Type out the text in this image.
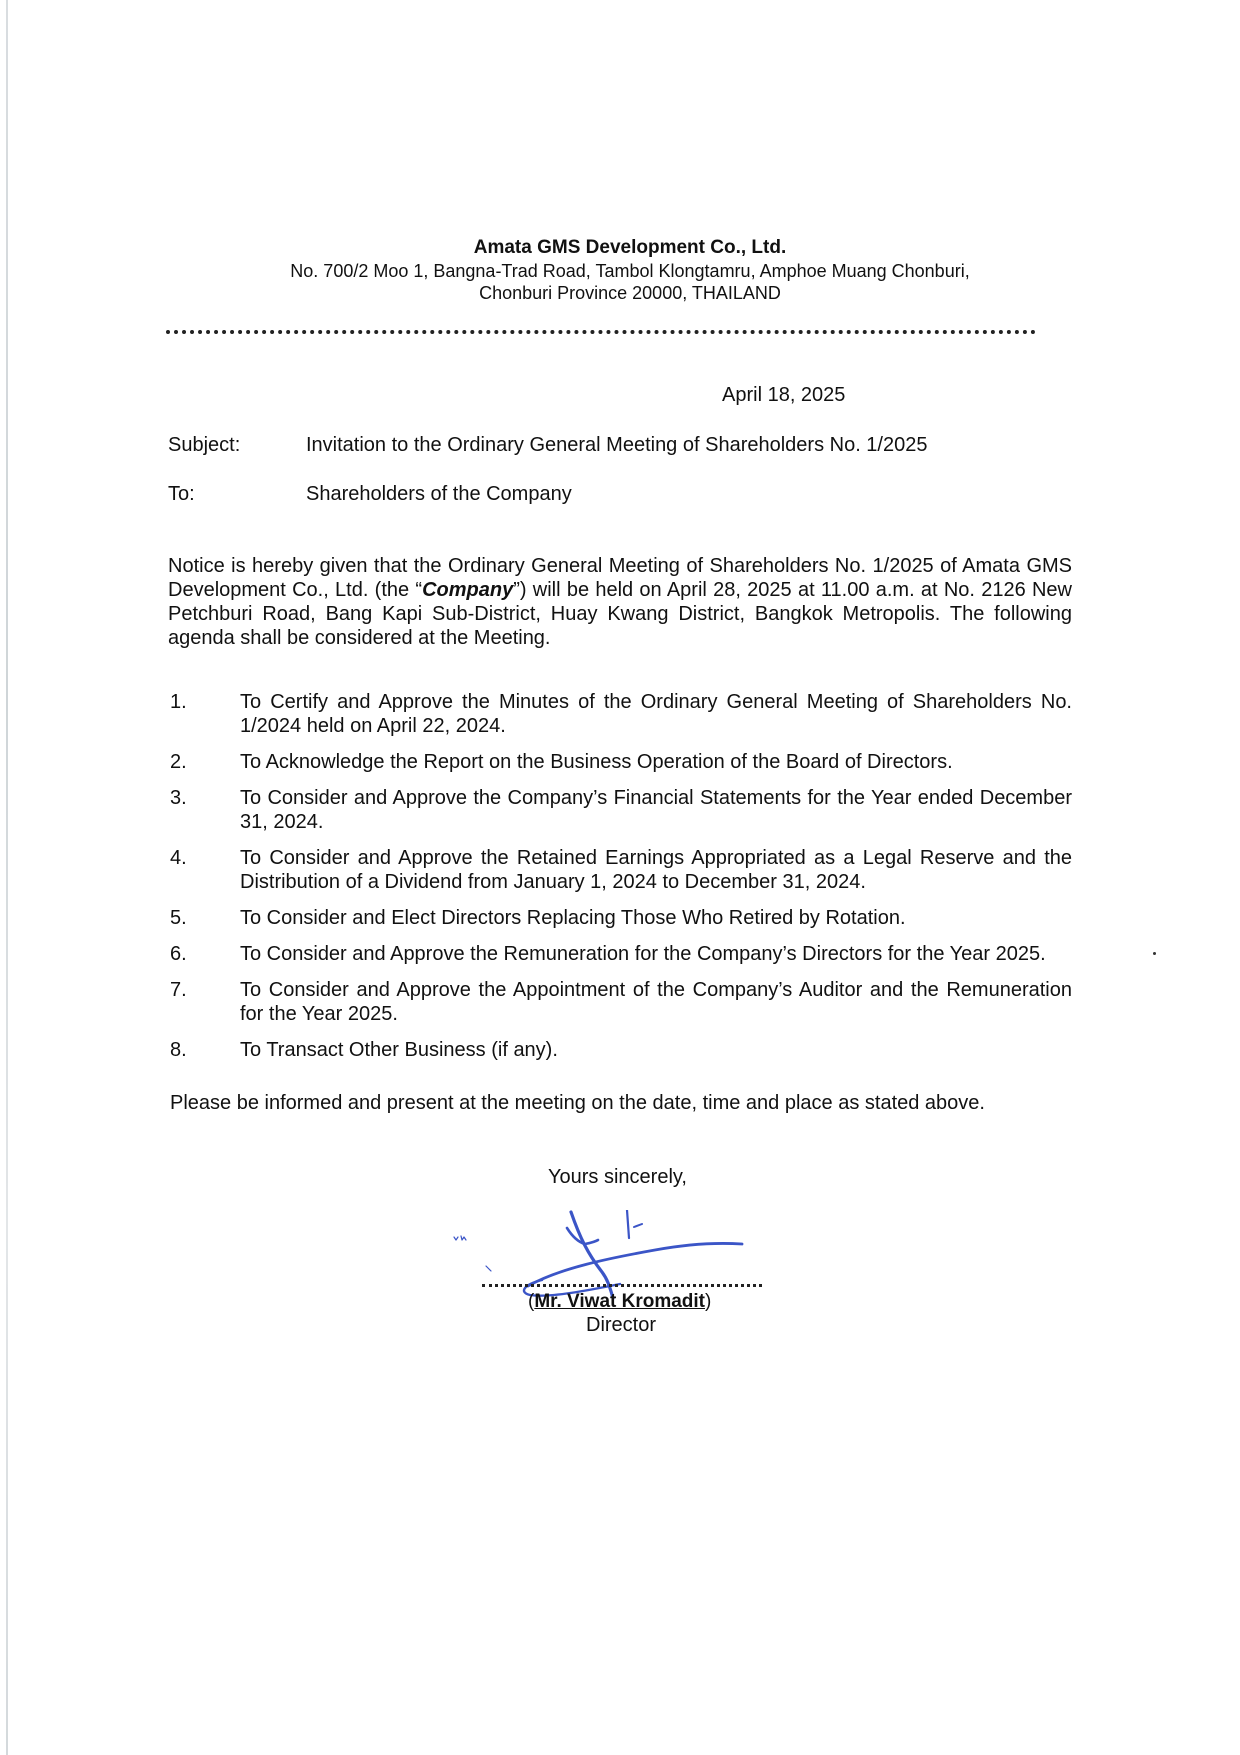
Amata GMS Development Co., Ltd.
No. 700/2 Moo 1, Bangna-Trad Road, Tambol Klongtamru, Amphoe Muang Chonburi,
Chonburi Province 20000, THAILAND
April 18, 2025
Subject:	Invitation to the Ordinary General Meeting of Shareholders No. 1/2025
To:	Shareholders of the Company
Notice is hereby given that the Ordinary General Meeting of Shareholders No. 1/2025 of Amata GMS Development Co., Ltd. (the “Company”) will be held on April 28, 2025 at 11.00 a.m. at No. 2126 New Petchburi Road, Bang Kapi Sub-District, Huay Kwang District, Bangkok Metropolis. The following agenda shall be considered at the Meeting.
1.	To Certify and Approve the Minutes of the Ordinary General Meeting of Shareholders No. 1/2024 held on April 22, 2024.
2.	To Acknowledge the Report on the Business Operation of the Board of Directors.
3.	To Consider and Approve the Company’s Financial Statements for the Year ended December 31, 2024.
4.	To Consider and Approve the Retained Earnings Appropriated as a Legal Reserve and the Distribution of a Dividend from January 1, 2024 to December 31, 2024.
5.	To Consider and Elect Directors Replacing Those Who Retired by Rotation.
6.	To Consider and Approve the Remuneration for the Company’s Directors for the Year 2025.
7.	To Consider and Approve the Appointment of the Company’s Auditor and the Remuneration for the Year 2025.
8.	To Transact Other Business (if any).
Please be informed and present at the meeting on the date, time and place as stated above.
Yours sincerely,
(Mr. Viwat Kromadit)
Director
